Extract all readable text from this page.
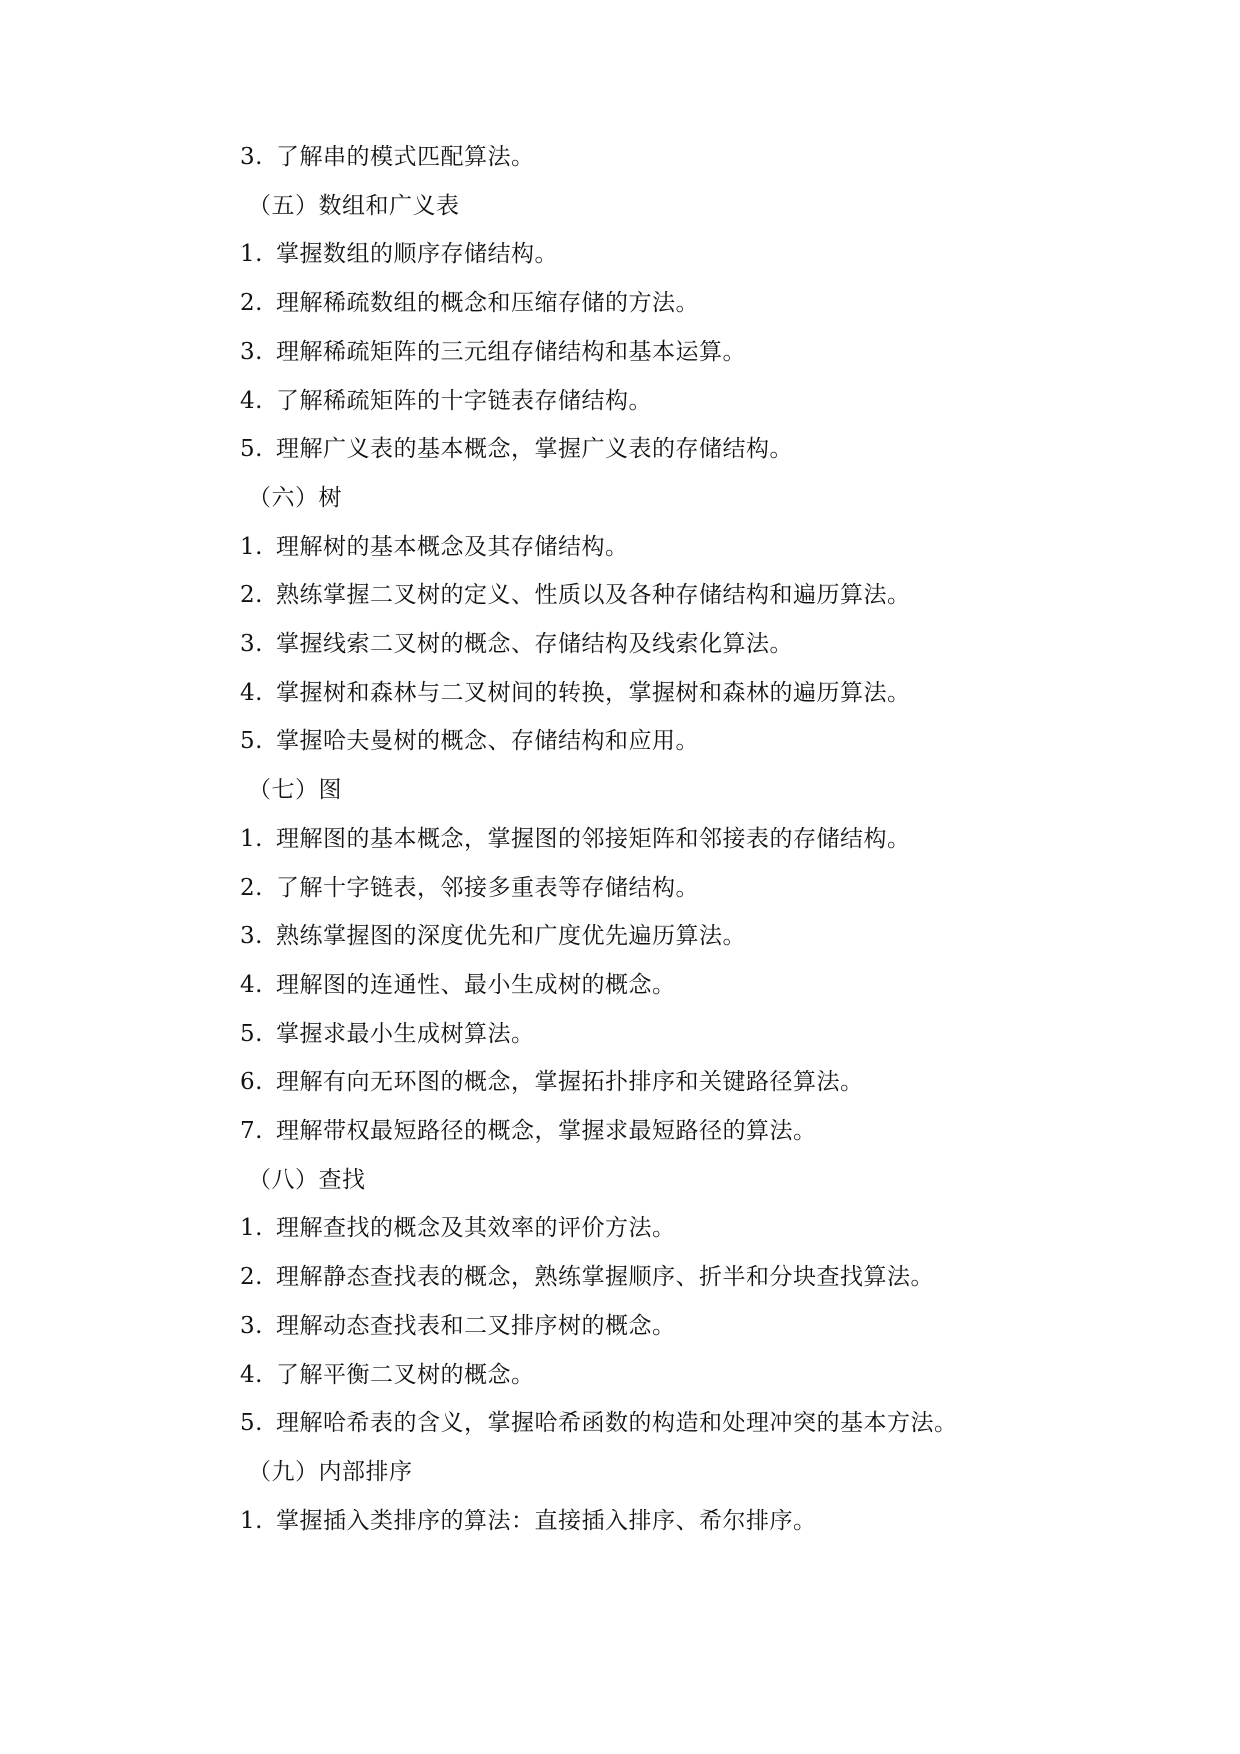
3. 了解串的模式匹配算法。
（五）数组和广义表
1. 掌握数组的顺序存储结构。
2. 理解稀疏数组的概念和压缩存储的方法。
3. 理解稀疏矩阵的三元组存储结构和基本运算。
4. 了解稀疏矩阵的十字链表存储结构。
5. 理解广义表的基本概念，掌握广义表的存储结构。
（六）树
1. 理解树的基本概念及其存储结构。
2. 熟练掌握二叉树的定义、性质以及各种存储结构和遍历算法。
3. 掌握线索二叉树的概念、存储结构及线索化算法。
4. 掌握树和森林与二叉树间的转换，掌握树和森林的遍历算法。
5. 掌握哈夫曼树的概念、存储结构和应用。
（七）图
1. 理解图的基本概念，掌握图的邻接矩阵和邻接表的存储结构。
2. 了解十字链表，邻接多重表等存储结构。
3. 熟练掌握图的深度优先和广度优先遍历算法。
4. 理解图的连通性、最小生成树的概念。
5. 掌握求最小生成树算法。
6. 理解有向无环图的概念，掌握拓扑排序和关键路径算法。
7. 理解带权最短路径的概念，掌握求最短路径的算法。
（八）查找
1. 理解查找的概念及其效率的评价方法。
2. 理解静态查找表的概念，熟练掌握顺序、折半和分块查找算法。
3. 理解动态查找表和二叉排序树的概念。
4. 了解平衡二叉树的概念。
5. 理解哈希表的含义，掌握哈希函数的构造和处理冲突的基本方法。
（九）内部排序
1. 掌握插入类排序的算法：直接插入排序、希尔排序。
